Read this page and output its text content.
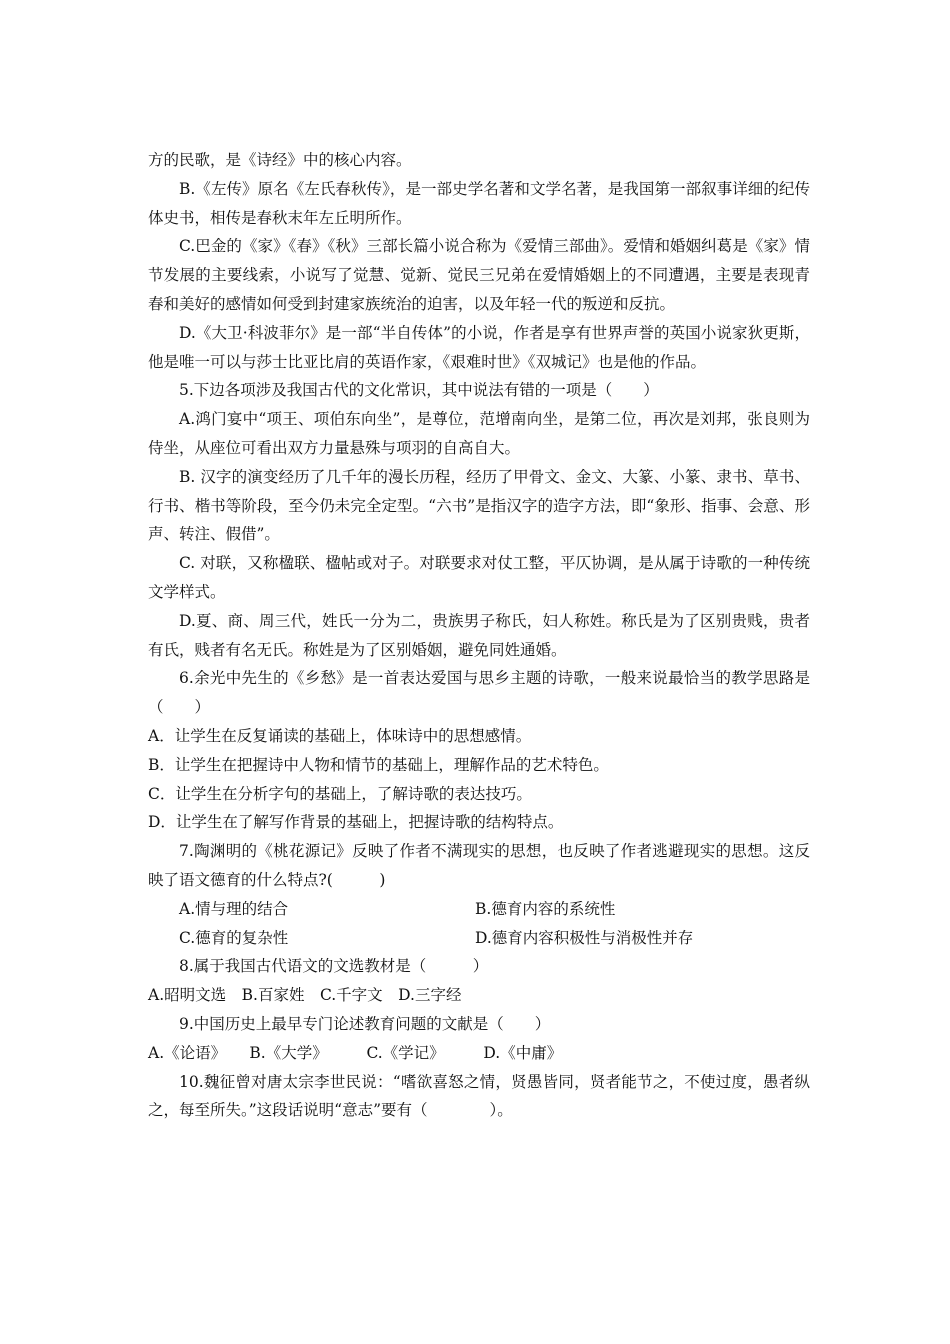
方的民歌，是《诗经》中的核心内容。

B.《左传》原名《左氏春秋传》，是一部史学名著和文学名著，是我国第一部叙事详细的纪传体史书，相传是春秋末年左丘明所作。

C.巴金的《家》《春》《秋》三部长篇小说合称为《爱情三部曲》。爱情和婚姻纠葛是《家》情节发展的主要线索，小说写了觉慧、觉新、觉民三兄弟在爱情婚姻上的不同遭遇，主要是表现青春和美好的感情如何受到封建家族统治的迫害，以及年轻一代的叛逆和反抗。

D.《大卫·科波菲尔》是一部“半自传体”的小说，作者是享有世界声誉的英国小说家狄更斯，他是唯一可以与莎士比亚比肩的英语作家，《艰难时世》《双城记》也是他的作品。

5.下边各项涉及我国古代的文化常识，其中说法有错的一项是（　　）

A.鸿门宴中“项王、项伯东向坐”，是尊位，范增南向坐，是第二位，再次是刘邦，张良则为侍坐，从座位可看出双方力量悬殊与项羽的自高自大。

B. 汉字的演变经历了几千年的漫长历程，经历了甲骨文、金文、大篆、小篆、隶书、草书、行书、楷书等阶段，至今仍未完全定型。“六书”是指汉字的造字方法，即“象形、指事、会意、形声、转注、假借”。

C. 对联，又称楹联、楹帖或对子。对联要求对仗工整，平仄协调，是从属于诗歌的一种传统文学样式。

D.夏、商、周三代，姓氏一分为二，贵族男子称氏，妇人称姓。称氏是为了区别贵贱，贵者有氏，贱者有名无氏。称姓是为了区别婚姻，避免同姓通婚。

6.余光中先生的《乡愁》是一首表达爱国与思乡主题的诗歌，一般来说最恰当的教学思路是（　　）

A．让学生在反复诵读的基础上，体味诗中的思想感情。

B．让学生在把握诗中人物和情节的基础上，理解作品的艺术特色。

C．让学生在分析字句的基础上，了解诗歌的表达技巧。

D．让学生在了解写作背景的基础上，把握诗歌的结构特点。

7.陶渊明的《桃花源记》反映了作者不满现实的思想，也反映了作者逃避现实的思想。这反映了语文德育的什么特点?(　　　)

A.情与理的结合	B.德育内容的系统性
C.德育的复杂性	D.德育内容积极性与消极性并存

8.属于我国古代语文的文选教材是（　　　）

A.昭明文选　B.百家姓　C.千字文　D.三字经

9.中国历史上最早专门论述教育问题的文献是（　　）

A.《论语》　　B.《大学》　　　C.《学记》　　　D.《中庸》

10.魏征曾对唐太宗李世民说：“嗜欲喜怒之情，贤愚皆同，贤者能节之，不使过度，愚者纵之，每至所失。”这段话说明“意志”要有（　　　　）。
